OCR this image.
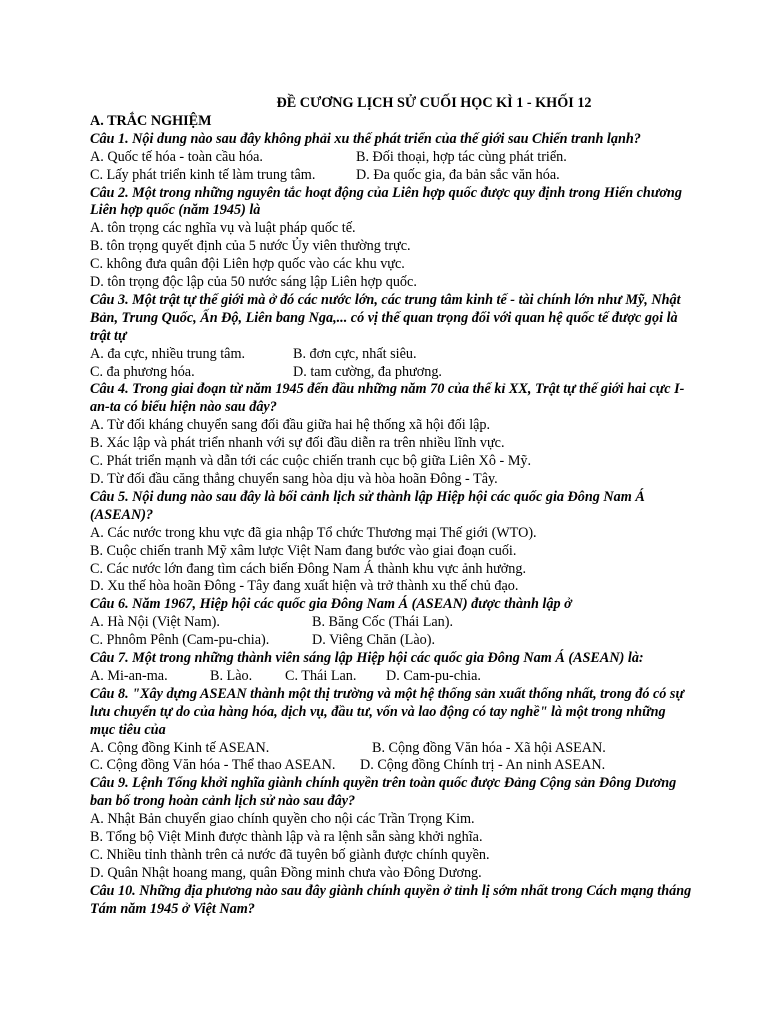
ĐỀ CƯƠNG LỊCH SỬ CUỐI HỌC KÌ 1 - KHỐI 12
A. TRẮC NGHIỆM
Câu 1. Nội dung nào sau đây không phải xu thế phát triển của thế giới sau Chiến tranh lạnh?
A. Quốc tế hóa - toàn cầu hóa.	B. Đối thoại, hợp tác cùng phát triển.
C. Lấy phát triển kinh tế làm trung tâm.	D. Đa quốc gia, đa bản sắc văn hóa.
Câu 2. Một trong những nguyên tắc hoạt động của Liên hợp quốc được quy định trong Hiến chương
Liên hợp quốc (năm 1945) là
A. tôn trọng các nghĩa vụ và luật pháp quốc tế.
B. tôn trọng quyết định của 5 nước Ủy viên thường trực.
C. không đưa quân đội Liên hợp quốc vào các khu vực.
D. tôn trọng độc lập của 50 nước sáng lập Liên hợp quốc.
Câu 3. Một trật tự thế giới mà ở đó các nước lớn, các trung tâm kinh tế - tài chính lớn như Mỹ, Nhật
Bản, Trung Quốc, Ấn Độ, Liên bang Nga,... có vị thế quan trọng đối với quan hệ quốc tế được gọi là
trật tự
A. đa cực, nhiều trung tâm.	B. đơn cực, nhất siêu.
C. đa phương hóa.	D. tam cường, đa phương.
Câu 4. Trong giai đoạn từ năm 1945 đến đầu những năm 70 của thế kỉ XX, Trật tự thế giới hai cực I-
an-ta có biểu hiện nào sau đây?
A. Từ đối kháng chuyển sang đối đầu giữa hai hệ thống xã hội đối lập.
B. Xác lập và phát triển nhanh với sự đối đầu diễn ra trên nhiều lĩnh vực.
C. Phát triển mạnh và dẫn tới các cuộc chiến tranh cục bộ giữa Liên Xô - Mỹ.
D. Từ đối đầu căng thẳng chuyển sang hòa dịu và hòa hoãn Đông - Tây.
Câu 5. Nội dung nào sau đây là bối cảnh lịch sử thành lập Hiệp hội các quốc gia Đông Nam Á
(ASEAN)?
A. Các nước trong khu vực đã gia nhập Tổ chức Thương mại Thế giới (WTO).
B. Cuộc chiến tranh Mỹ xâm lược Việt Nam đang bước vào giai đoạn cuối.
C. Các nước lớn đang tìm cách biến Đông Nam Á thành khu vực ảnh hưởng.
D. Xu thế hòa hoãn Đông - Tây đang xuất hiện và trở thành xu thế chủ đạo.
Câu 6. Năm 1967, Hiệp hội các quốc gia Đông Nam Á (ASEAN) được thành lập ở
A. Hà Nội (Việt Nam).	B. Băng Cốc (Thái Lan).
C. Phnôm Pênh (Cam-pu-chia).	D. Viêng Chăn (Lào).
Câu 7. Một trong những thành viên sáng lập Hiệp hội các quốc gia Đông Nam Á (ASEAN) là:
A. Mi-an-ma.	B. Lào. C. Thái Lan. D. Cam-pu-chia.
Câu 8. "Xây dựng ASEAN thành một thị trường và một hệ thống sản xuất thống nhất, trong đó có sự
lưu chuyển tự do của hàng hóa, dịch vụ, đầu tư, vốn và lao động có tay nghề" là một trong những
mục tiêu của
A. Cộng đồng Kinh tế ASEAN.	B. Cộng đồng Văn hóa - Xã hội ASEAN.
C. Cộng đồng Văn hóa - Thể thao ASEAN. D. Cộng đồng Chính trị - An ninh ASEAN.
Câu 9. Lệnh Tổng khởi nghĩa giành chính quyền trên toàn quốc được Đảng Cộng sản Đông Dương
ban bố trong hoàn cảnh lịch sử nào sau đây?
A. Nhật Bản chuyển giao chính quyền cho nội các Trần Trọng Kim.
B. Tổng bộ Việt Minh được thành lập và ra lệnh sẵn sàng khởi nghĩa.
C. Nhiều tỉnh thành trên cả nước đã tuyên bố giành được chính quyền.
D. Quân Nhật hoang mang, quân Đồng minh chưa vào Đông Dương.
Câu 10. Những địa phương nào sau đây giành chính quyền ở tỉnh lị sớm nhất trong Cách mạng tháng
Tám năm 1945 ở Việt Nam?
